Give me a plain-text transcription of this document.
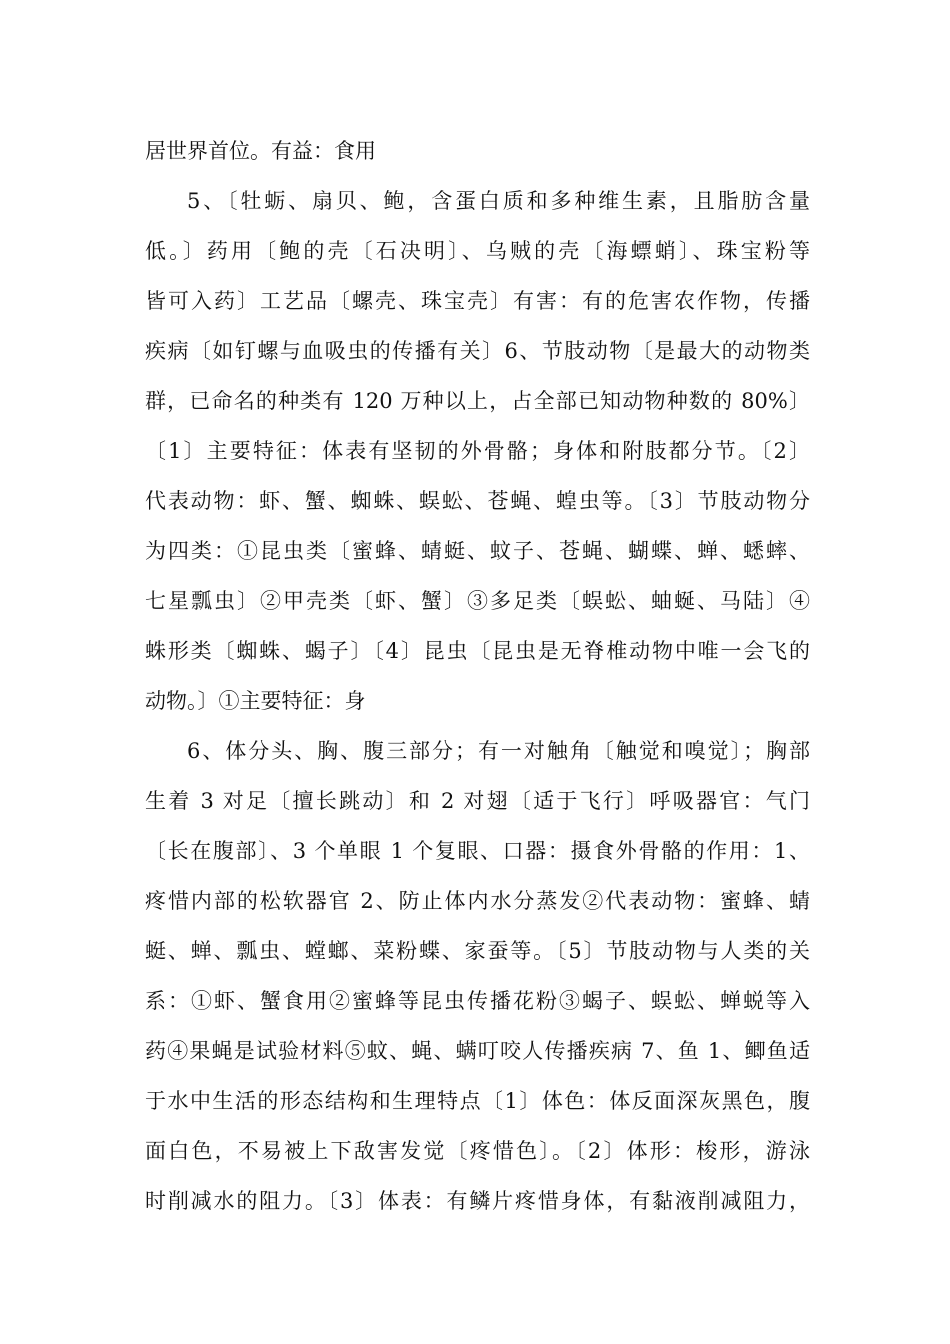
居世界首位。有益：食用
5、〔牡蛎、扇贝、鲍，含蛋白质和多种维生素，且脂肪含量
低。〕药用〔鲍的壳〔石决明〕、乌贼的壳〔海螵蛸〕、珠宝粉等
皆可入药〕工艺品〔螺壳、珠宝壳〕有害：有的危害农作物，传播
疾病〔如钉螺与血吸虫的传播有关〕6、节肢动物〔是最大的动物类
群，已命名的种类有 120 万种以上，占全部已知动物种数的 80%〕
〔1〕主要特征：体表有坚韧的外骨骼；身体和附肢都分节。〔2〕
代表动物：虾、蟹、蜘蛛、蜈蚣、苍蝇、蝗虫等。〔3〕节肢动物分
为四类：①昆虫类〔蜜蜂、蜻蜓、蚊子、苍蝇、蝴蝶、蝉、蟋蟀、
七星瓢虫〕②甲壳类〔虾、蟹〕③多足类〔蜈蚣、蚰蜒、马陆〕④
蛛形类〔蜘蛛、蝎子〕〔4〕昆虫〔昆虫是无脊椎动物中唯一会飞的
动物。〕①主要特征：身
6、体分头、胸、腹三部分；有一对触角〔触觉和嗅觉〕；胸部
生着 3 对足〔擅长跳动〕和 2 对翅〔适于飞行〕呼吸器官：气门
〔长在腹部〕、3 个单眼 1 个复眼、口器：摄食外骨骼的作用：1、
疼惜内部的松软器官 2、防止体内水分蒸发②代表动物：蜜蜂、蜻
蜓、蝉、瓢虫、螳螂、菜粉蝶、家蚕等。〔5〕节肢动物与人类的关
系：①虾、蟹食用②蜜蜂等昆虫传播花粉③蝎子、蜈蚣、蝉蜕等入
药④果蝇是试验材料⑤蚊、蝇、螨叮咬人传播疾病 7、鱼 1、鲫鱼适
于水中生活的形态结构和生理特点〔1〕体色：体反面深灰黑色，腹
面白色，不易被上下敌害发觉〔疼惜色〕。〔2〕体形：梭形，游泳
时削减水的阻力。〔3〕体表：有鳞片疼惜身体，有黏液削减阻力，
